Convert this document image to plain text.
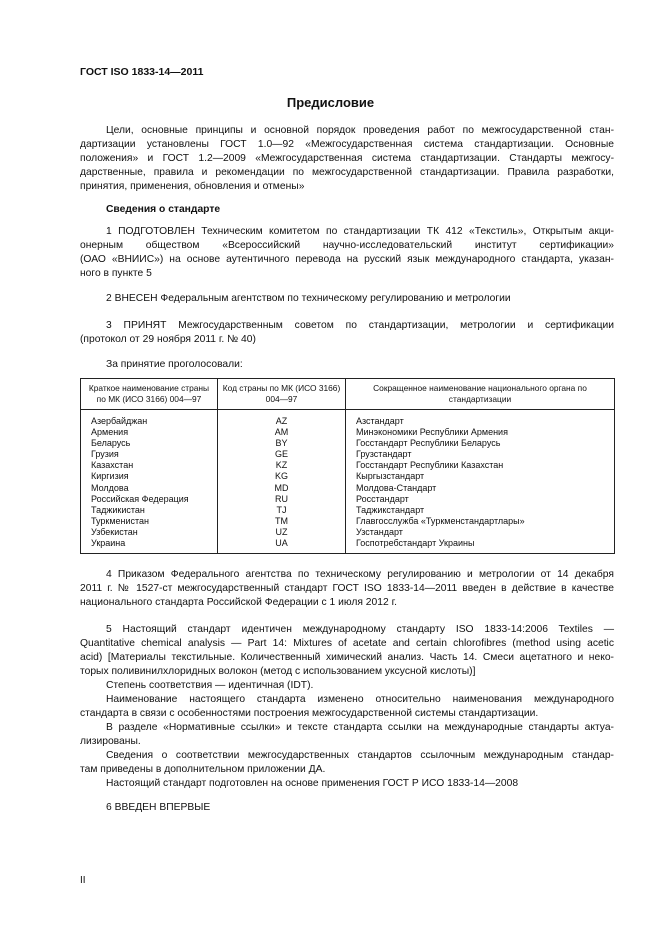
ГОСТ ISO 1833-14—2011
Предисловие
Цели, основные принципы и основной порядок проведения работ по межгосударственной стан-
дартизации установлены ГОСТ 1.0—92 «Межгосударственная система стандартизации. Основные
положения» и ГОСТ 1.2—2009 «Межгосударственная система стандартизации. Стандарты межгосу-
дарственные, правила и рекомендации по межгосударственной стандартизации. Правила разработки,
принятия, применения, обновления и отмены»
Сведения о стандарте
1 ПОДГОТОВЛЕН Техническим комитетом по стандартизации ТК 412 «Текстиль», Открытым акци-
онерным обществом «Всероссийский научно-исследовательский институт сертификации»
(ОАО «ВНИИС») на основе аутентичного перевода на русский язык международного стандарта, указан-
ного в пункте 5
2 ВНЕСЕН Федеральным агентством по техническому регулированию и метрологии
3 ПРИНЯТ Межгосударственным советом по стандартизации, метрологии и сертификации
(протокол от 29 ноября 2011 г. № 40)
За принятие проголосовали:
Краткое наименование страны по МК (ИСО 3166) 004—97	Код страны по МК (ИСО 3166) 004—97	Сокращенное наименование национального органа по стандартизации
Азербайджан	AZ	Азстандарт
Армения	AM	Минэкономики Республики Армения
Беларусь	BY	Госстандарт Республики Беларусь
Грузия	GE	Грузстандарт
Казахстан	KZ	Госстандарт Республики Казахстан
Киргизия	KG	Кыргызстандарт
Молдова	MD	Молдова-Стандарт
Российская Федерация	RU	Росстандарт
Таджикистан	TJ	Таджикстандарт
Туркменистан	TM	Главгосслужба «Туркменстандартлары»
Узбекистан	UZ	Узстандарт
Украина	UA	Госпотребстандарт Украины
4 Приказом Федерального агентства по техническому регулированию и метрологии от 14 декабря
2011 г. № 1527-ст межгосударственный стандарт ГОСТ ISO 1833-14—2011 введен в действие в качестве
национального стандарта Российской Федерации с 1 июля 2012 г.
5 Настоящий стандарт идентичен международному стандарту ISO 1833-14:2006 Textiles —
Quantitative chemical analysis — Part 14: Mixtures of acetate and certain chlorofibres (method using acetic
acid) [Материалы текстильные. Количественный химический анализ. Часть 14. Смеси ацетатного и неко-
торых поливинилхлоридных волокон (метод с использованием уксусной кислоты)]
Степень соответствия — идентичная (IDT).
Наименование настоящего стандарта изменено относительно наименования международного
стандарта в связи с особенностями построения межгосударственной системы стандартизации.
В разделе «Нормативные ссылки» и тексте стандарта ссылки на международные стандарты актуа-
лизированы.
Сведения о соответствии межгосударственных стандартов ссылочным международным стандар-
там приведены в дополнительном приложении ДА.
Настоящий стандарт подготовлен на основе применения ГОСТ Р ИСО 1833-14—2008
6 ВВЕДЕН ВПЕРВЫЕ
II
